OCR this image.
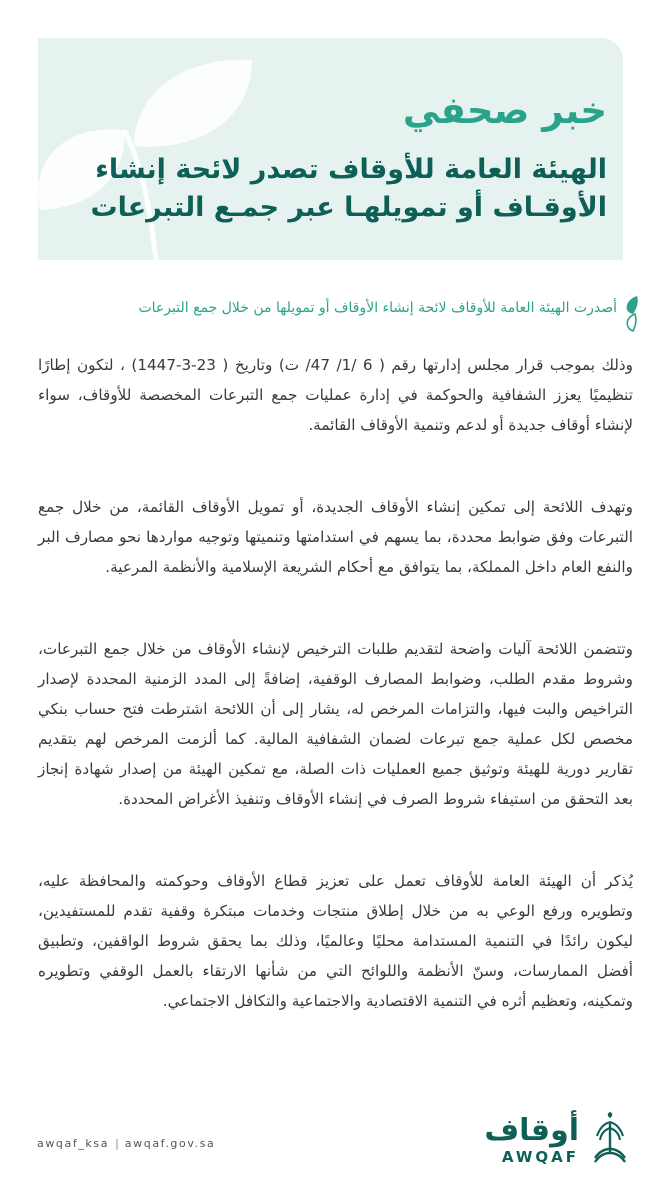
خبر صحفي
الهيئة العامة للأوقاف تصدر لائحة إنشاء الأوقـاف أو تمويلهـا عبر جمـع التبرعات

أصدرت الهيئة العامة للأوقاف لائحة إنشاء الأوقاف أو تمويلها من خلال جمع التبرعات

وذلك بموجب قرار مجلس إدارتها رقم ( 6 /1/ 47/ ت) وتاريخ ( 23-3-1447) ، لتكون إطارًا تنظيميًا يعزز الشفافية والحوكمة في إدارة عمليات جمع التبرعات المخصصة للأوقاف، سواء لإنشاء أوقاف جديدة أو لدعم وتنمية الأوقاف القائمة.

وتهدف اللائحة إلى تمكين إنشاء الأوقاف الجديدة، أو تمويل الأوقاف القائمة، من خلال جمع التبرعات وفق ضوابط محددة، بما يسهم في استدامتها وتنميتها وتوجيه مواردها نحو مصارف البر والنفع العام داخل المملكة، بما يتوافق مع أحكام الشريعة الإسلامية والأنظمة المرعية.

وتتضمن اللائحة آليات واضحة لتقديم طلبات الترخيص لإنشاء الأوقاف من خلال جمع التبرعات، وشروط مقدم الطلب، وضوابط المصارف الوقفية، إضافةً إلى المدد الزمنية المحددة لإصدار التراخيص والبت فيها، والتزامات المرخص له، يشار إلى أن اللائحة اشترطت فتح حساب بنكي مخصص لكل عملية جمع تبرعات لضمان الشفافية المالية. كما ألزمت المرخص لهم بتقديم تقارير دورية للهيئة وتوثيق جميع العمليات ذات الصلة، مع تمكين الهيئة من إصدار شهادة إنجاز بعد التحقق من استيفاء شروط الصرف في إنشاء الأوقاف وتنفيذ الأغراض المحددة.

يُذكر أن الهيئة العامة للأوقاف تعمل على تعزيز قطاع الأوقاف وحوكمته والمحافظة عليه، وتطويره ورفع الوعي به من خلال إطلاق منتجات وخدمات مبتكرة وقفية تقدم للمستفيدين، ليكون رائدًا في التنمية المستدامة محليًا وعالميًا، وذلك بما يحقق شروط الواقفين، وتطبيق أفضل الممارسات، وسنّ الأنظمة واللوائح التي من شأنها الارتقاء بالعمل الوقفي وتطويره وتمكينه، وتعظيم أثره في التنمية الاقتصادية والاجتماعية والتكافل الاجتماعي.

awqaf_ksa | awqaf.gov.sa	أوقاف
AWQAF
